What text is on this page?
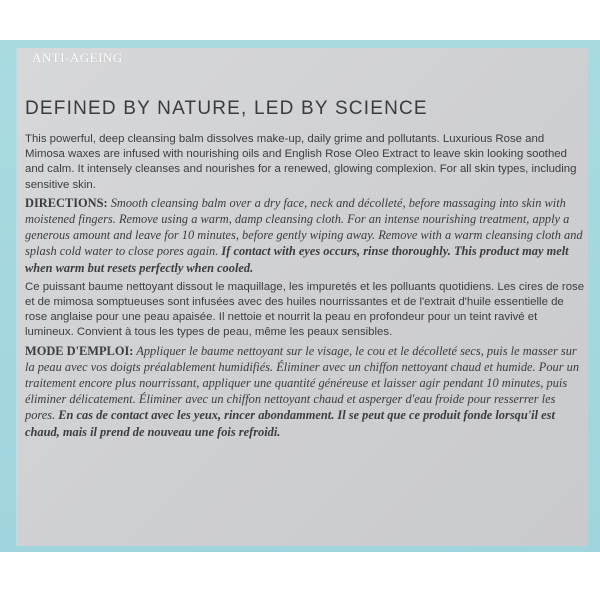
ANTI-AGEING
DEFINED BY NATURE, LED BY SCIENCE

This powerful, deep cleansing balm dissolves make-up, daily grime and pollutants. Luxurious Rose and Mimosa waxes are infused with nourishing oils and English Rose Oleo Extract to leave skin looking soothed and calm. It intensely cleanses and nourishes for a renewed, glowing complexion. For all skin types, including sensitive skin.

DIRECTIONS: Smooth cleansing balm over a dry face, neck and décolleté, before massaging into skin with moistened fingers. Remove using a warm, damp cleansing cloth. For an intense nourishing treatment, apply a generous amount and leave for 10 minutes, before gently wiping away. Remove with a warm cleansing cloth and splash cold water to close pores again. If contact with eyes occurs, rinse thoroughly. This product may melt when warm but resets perfectly when cooled.

Ce puissant baume nettoyant dissout le maquillage, les impuretés et les polluants quotidiens. Les cires de rose et de mimosa somptueuses sont infusées avec des huiles nourrissantes et de l'extrait d'huile essentielle de rose anglaise pour une peau apaisée. Il nettoie et nourrit la peau en profondeur pour un teint ravivé et lumineux. Convient à tous les types de peau, même les peaux sensibles.

MODE D'EMPLOI: Appliquer le baume nettoyant sur le visage, le cou et le décolleté secs, puis le masser sur la peau avec vos doigts préalablement humidifiés. Éliminer avec un chiffon nettoyant chaud et humide. Pour un traitement encore plus nourrissant, appliquer une quantité généreuse et laisser agir pendant 10 minutes, puis éliminer délicatement. Éliminer avec un chiffon nettoyant chaud et asperger d'eau froide pour resserrer les pores. En cas de contact avec les yeux, rincer abondamment. Il se peut que ce produit fonde lorsqu'il est chaud, mais il prend de nouveau une fois refroidi.
